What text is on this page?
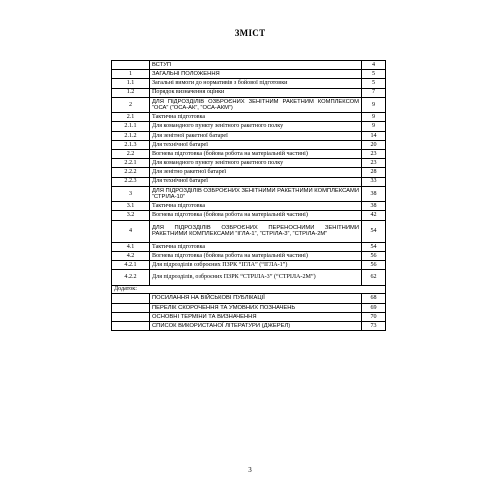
ЗМІСТ
	ВСТУП	4
1	ЗАГАЛЬНІ ПОЛОЖЕННЯ	5
1.1	Загальні вимоги до нормативів з бойової підготовки	5
1.2	Порядок визначення оцінки	7
2	ДЛЯ ПІДРОЗДІЛІВ ОЗБРОЄНИХ ЗЕНІТНИМ РАКЕТНИМ КОМПЛЕКСОМ “ОСА” (“ОСА-АК”, “ОСА-АКМ”)	9
2.1	Тактична підготовка	9
2.1.1	Для командного пункту зенітного ракетного полку	9
2.1.2	Для зенітної ракетної батареї	14
2.1.3	Для технічної батареї	20
2.2	Вогнева підготовка (бойова робота на матеріальній частині)	23
2.2.1	Для командного пункту зенітного ракетного полку	23
2.2.2	Для зенітно ракетної батареї	28
2.2.3	Для технічної батареї	33
3	ДЛЯ ПІДРОЗДІЛІВ ОЗБРОЄНИХ ЗЕНІТНИМИ РАКЕТНИМИ КОМПЛЕКСАМИ “СТРІЛА-10”	38
3.1	Тактична підготовка	38
3.2	Вогнева підготовка (бойова робота на матеріальній частині)	42
4	ДЛЯ ПІДРОЗДІЛІВ ОЗБРОЄНИХ ПЕРЕНОСНИМИ ЗЕНІТНИМИ РАКЕТНИМИ КОМПЛЕКСАМИ “ІГЛА-1”, “СТРІЛА-3”, “СТРІЛА-2М”	54
4.1	Тактична підготовка	54
4.2	Вогнева підготовка (бойова робота на матеріальній частині)	56
4.2.1	Для підрозділів озброєних ПЗРК “ІГЛА” (“ІГЛА-1”)	56
4.2.2	Для підрозділів, озброєних ПЗРК “СТРІЛА-3” (“СТРІЛА-2М”)	62
Додаток:		
	ПОСИЛАННЯ НА ВІЙСЬКОВІ ПУБЛІКАЦІЇ	68
	ПЕРЕЛІК СКОРОЧЕННЯ ТА УМОВНИХ ПОЗНАЧЕНЬ	69
	ОСНОВНІ ТЕРМІНИ ТА ВИЗНАЧЕННЯ	70
	СПИСОК ВИКОРИСТАНОЇ ЛІТЕРАТУРИ (ДЖЕРЕЛ)	73
3
